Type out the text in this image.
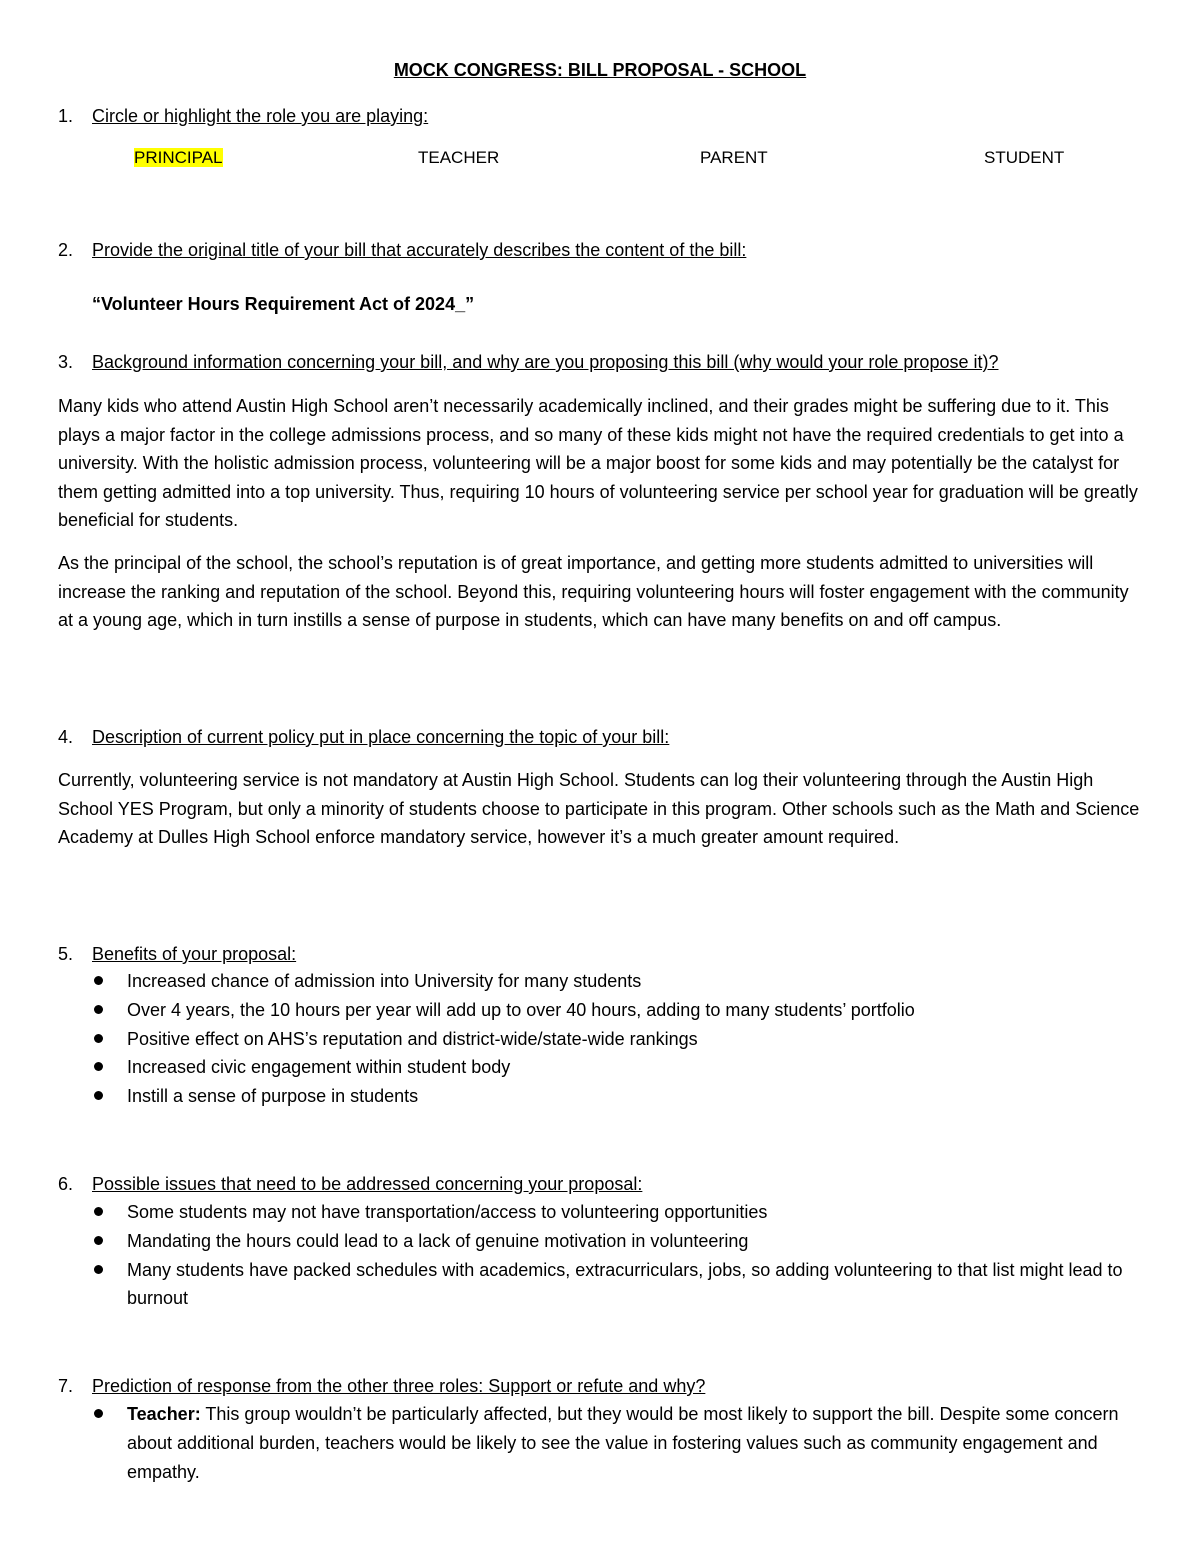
MOCK CONGRESS: BILL PROPOSAL - SCHOOL
1. Circle or highlight the role you are playing:
PRINCIPAL	TEACHER	PARENT	STUDENT
2. Provide the original title of your bill that accurately describes the content of the bill:
“Volunteer Hours Requirement Act of 2024_”
3. Background information concerning your bill, and why are you proposing this bill (why would your role propose it)?

Many kids who attend Austin High School aren’t necessarily academically inclined, and their grades might be suffering due to it. This plays a major factor in the college admissions process, and so many of these kids might not have the required credentials to get into a university. With the holistic admission process, volunteering will be a major boost for some kids and may potentially be the catalyst for them getting admitted into a top university. Thus, requiring 10 hours of volunteering service per school year for graduation will be greatly beneficial for students.

As the principal of the school, the school’s reputation is of great importance, and getting more students admitted to universities will increase the ranking and reputation of the school. Beyond this, requiring volunteering hours will foster engagement with the community at a young age, which in turn instills a sense of purpose in students, which can have many benefits on and off campus.

4. Description of current policy put in place concerning the topic of your bill:

Currently, volunteering service is not mandatory at Austin High School. Students can log their volunteering through the Austin High School YES Program, but only a minority of students choose to participate in this program. Other schools such as the Math and Science Academy at Dulles High School enforce mandatory service, however it’s a much greater amount required.

5. Benefits of your proposal:
Increased chance of admission into University for many students
Over 4 years, the 10 hours per year will add up to over 40 hours, adding to many students’ portfolio
Positive effect on AHS’s reputation and district-wide/state-wide rankings
Increased civic engagement within student body
Instill a sense of purpose in students
6. Possible issues that need to be addressed concerning your proposal:
Some students may not have transportation/access to volunteering opportunities
Mandating the hours could lead to a lack of genuine motivation in volunteering
Many students have packed schedules with academics, extracurriculars, jobs, so adding volunteering to that list might lead to burnout
7. Prediction of response from the other three roles: Support or refute and why?
Teacher: This group wouldn’t be particularly affected, but they would be most likely to support the bill. Despite some concern about additional burden, teachers would be likely to see the value in fostering values such as community engagement and empathy.
